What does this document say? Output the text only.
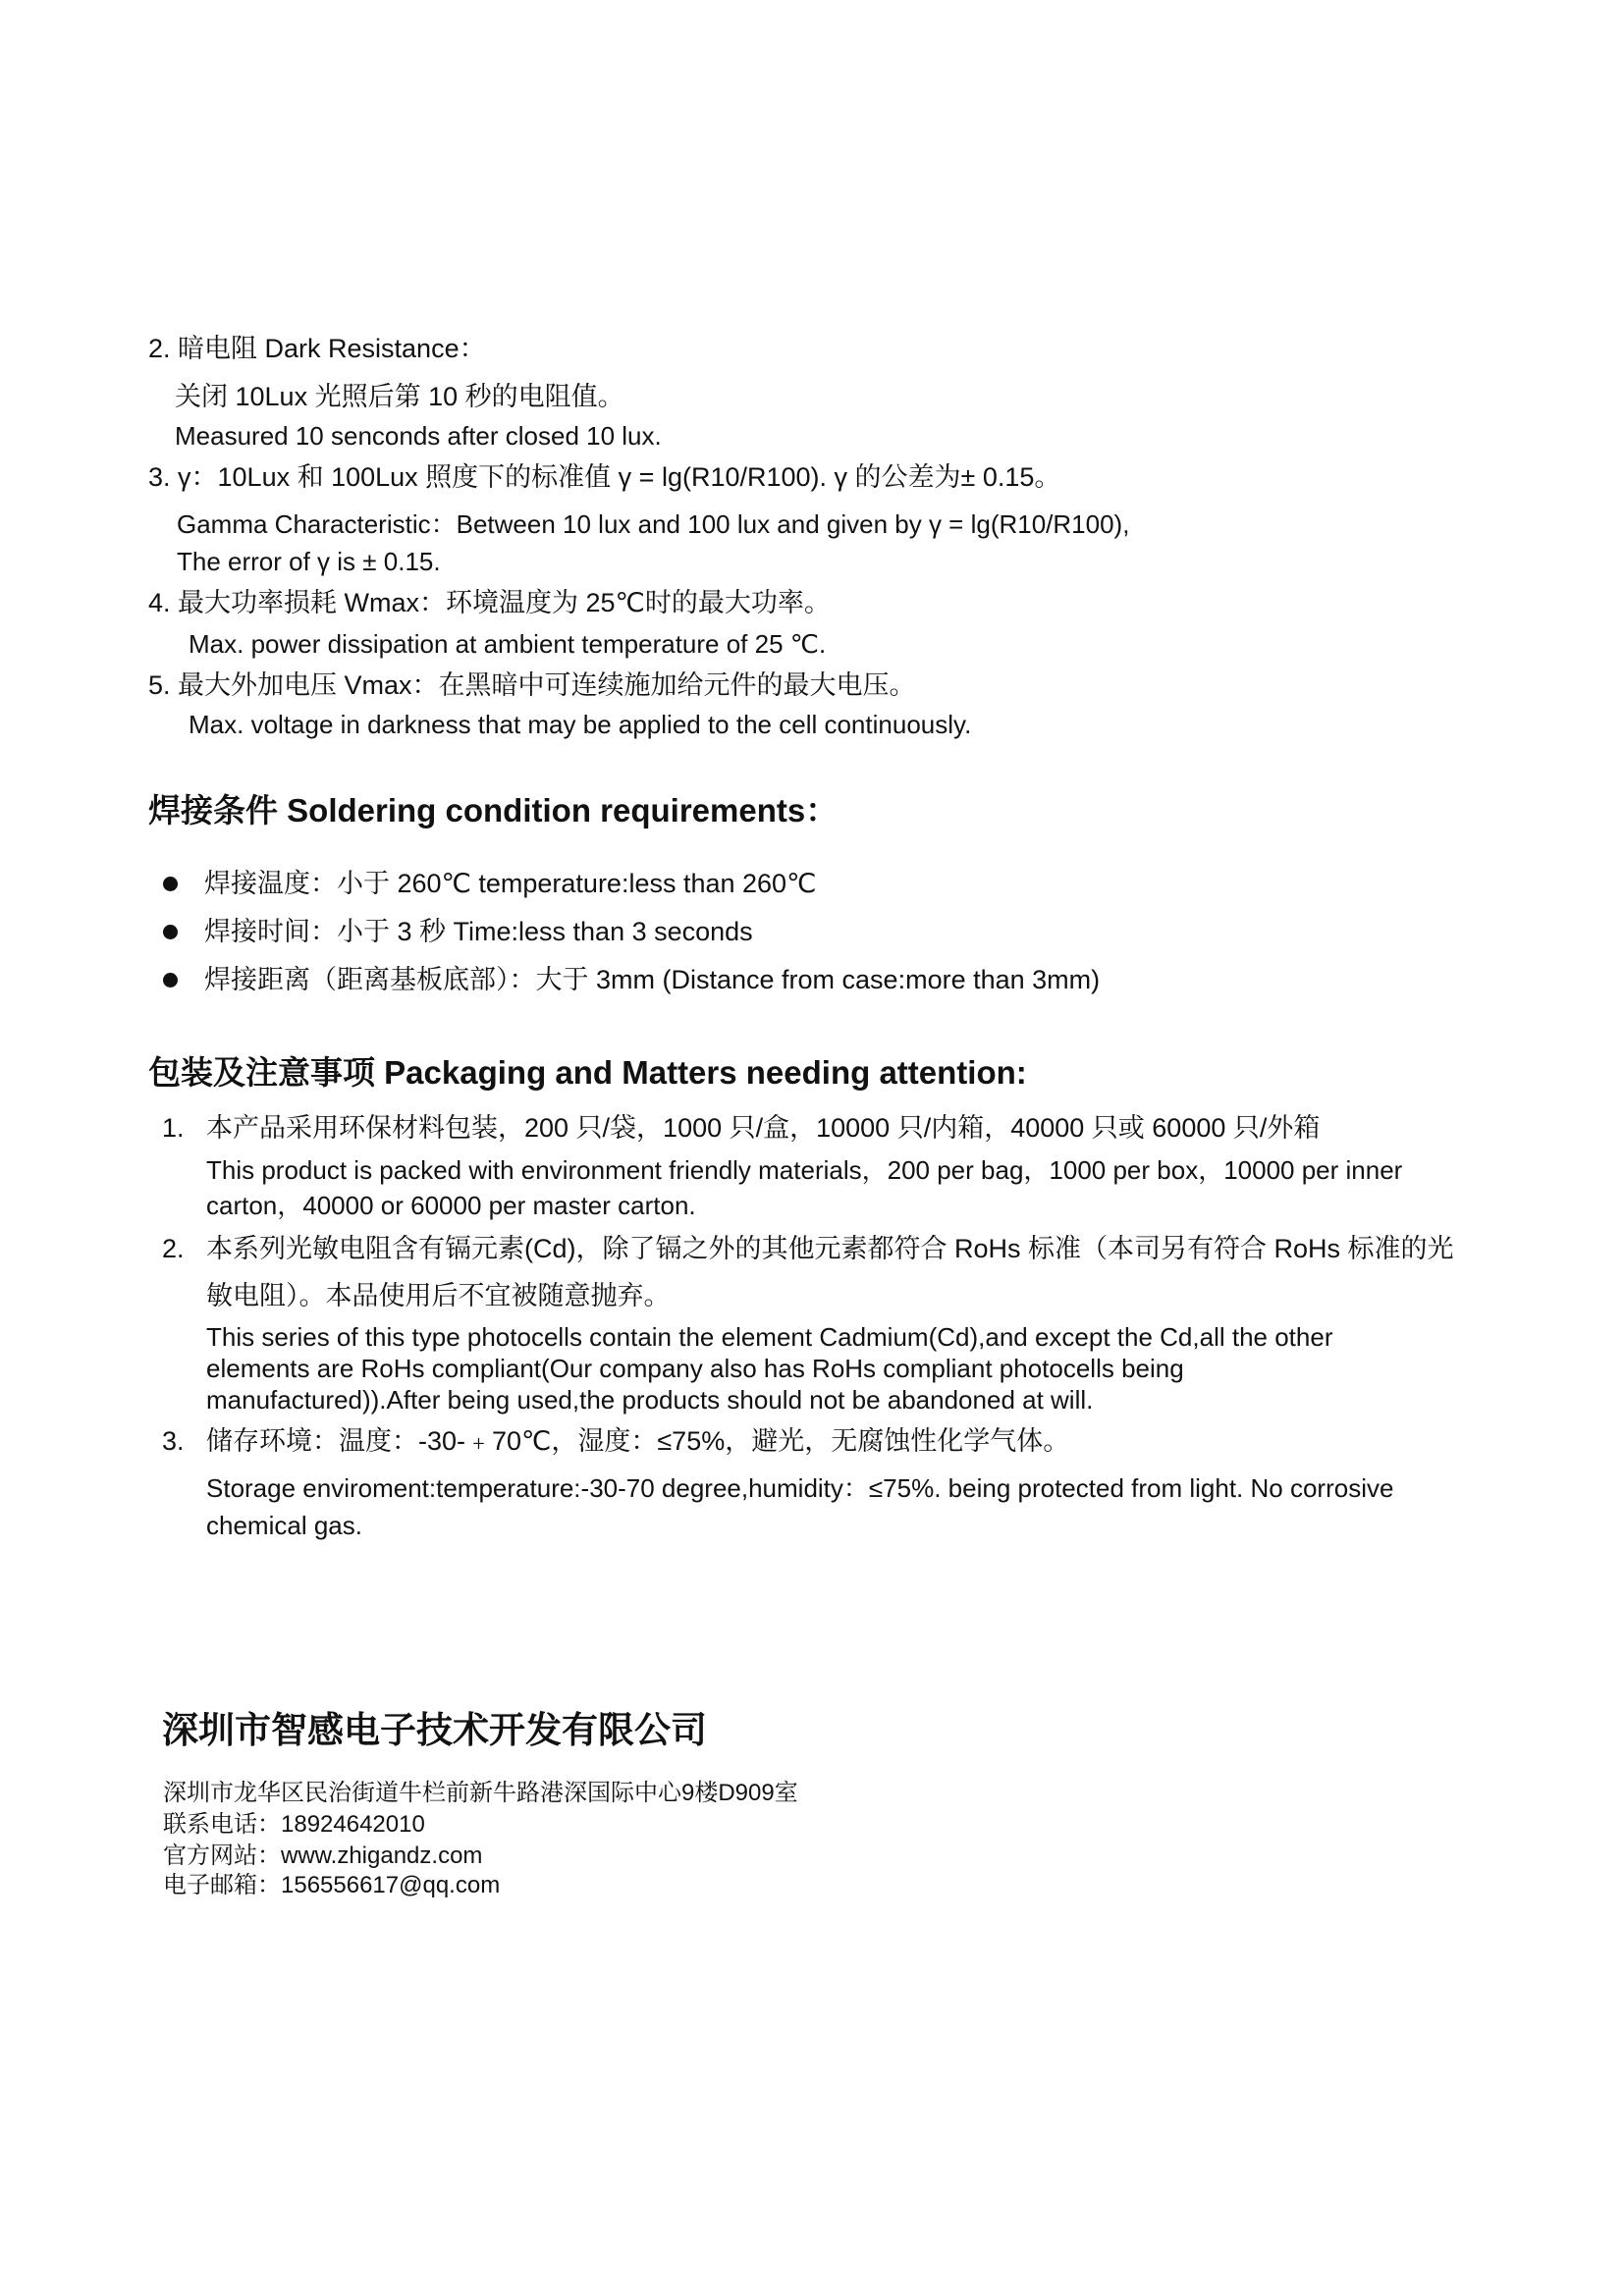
2. 暗电阻 Dark Resistance：
关闭 10Lux 光照后第 10 秒的电阻值。
Measured 10 senconds after closed 10 lux.
3. γ：10Lux 和 100Lux 照度下的标准值 γ = lg(R10/R100). γ 的公差为± 0.15。
Gamma Characteristic：Between 10 lux and 100 lux and given by γ = lg(R10/R100),
The error of γ is ± 0.15.
4. 最大功率损耗 Wmax：环境温度为 25℃时的最大功率。
Max. power dissipation at ambient temperature of 25 ℃.
5. 最大外加电压 Vmax：在黑暗中可连续施加给元件的最大电压。
Max. voltage in darkness that may be applied to the cell continuously.
焊接条件 Soldering condition requirements：
焊接温度：小于 260℃ temperature:less than 260℃
焊接时间：小于 3 秒 Time:less than 3 seconds
焊接距离（距离基板底部）：大于 3mm (Distance from case:more than 3mm)
包装及注意事项 Packaging and Matters needing attention:
1. 本产品采用环保材料包装，200 只/袋，1000 只/盒，10000 只/内箱，40000 只或 60000 只/外箱
This product is packed with environment friendly materials，200 per bag，1000 per box，10000 per inner
carton，40000 or 60000 per master carton.
2. 本系列光敏电阻含有镉元素(Cd)，除了镉之外的其他元素都符合 RoHs 标准（本司另有符合 RoHs 标准的光
敏电阻）。本品使用后不宜被随意抛弃。
This series of this type photocells contain the element Cadmium(Cd),and except the Cd,all the other
elements are RoHs compliant(Our company also has RoHs compliant photocells being
manufactured)).After being used,the products should not be abandoned at will.
3. 储存环境：温度：-30-﹢70℃，湿度：≤75%，避光，无腐蚀性化学气体。
Storage enviroment:temperature:-30-70 degree,humidity：≤75%. being protected from light. No corrosive
chemical gas.
深圳市智感电子技术开发有限公司
深圳市龙华区民治街道牛栏前新牛路港深国际中心9楼D909室
联系电话：18924642010
官方网站：www.zhigandz.com
电子邮箱：156556617@qq.com
